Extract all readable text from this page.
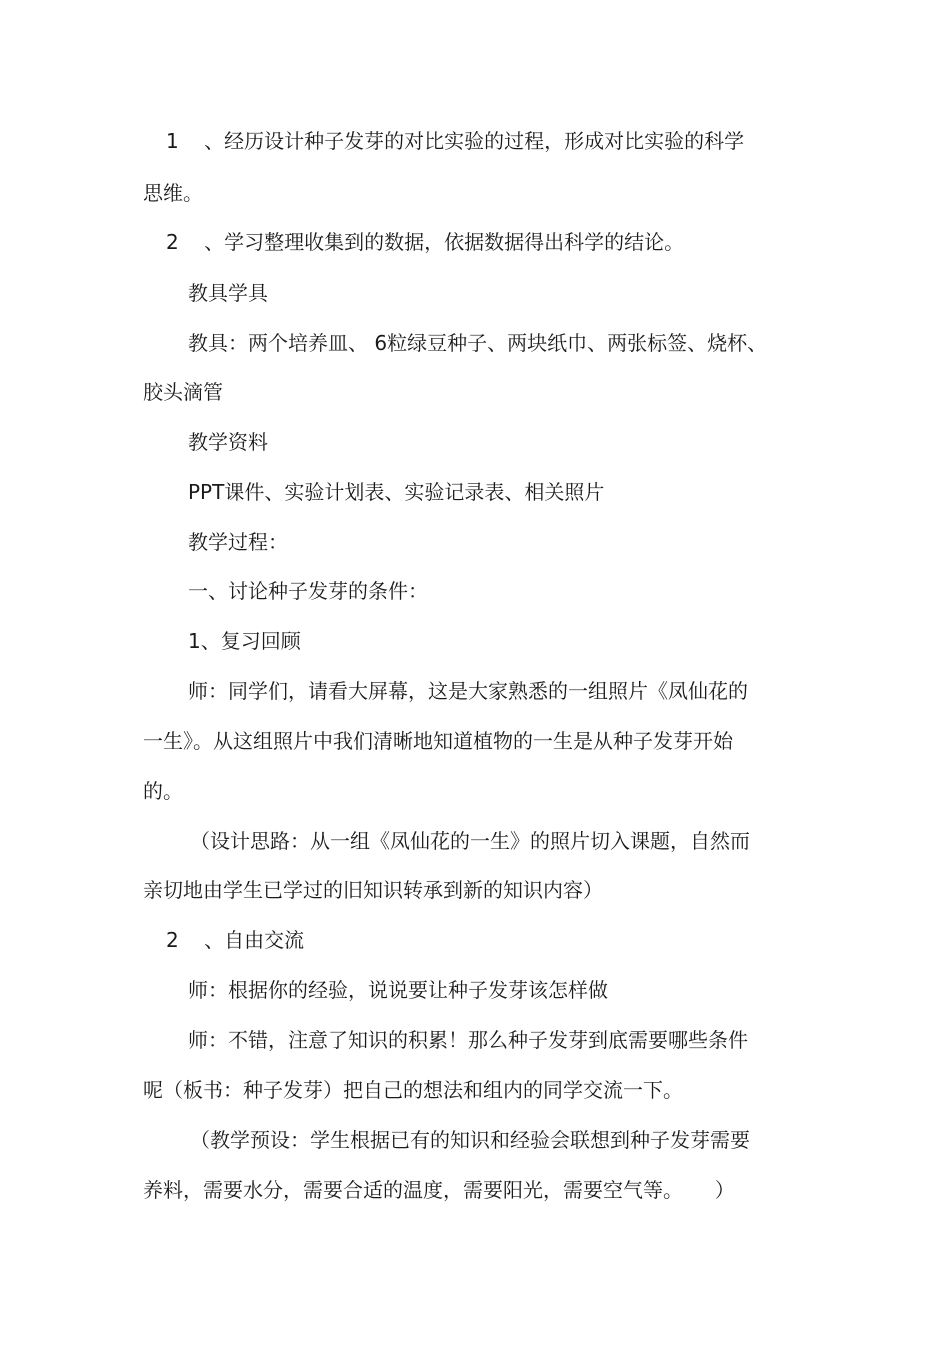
1    、经历设计种子发芽的对比实验的过程，形成对比实验的科学
思维。
2    、学习整理收集到的数据，依据数据得出科学的结论。
教具学具
教具：两个培养皿、 6粒绿豆种子、两块纸巾、两张标签、烧杯、
胶头滴管
教学资料
PPT课件、实验计划表、实验记录表、相关照片
教学过程：
一、讨论种子发芽的条件：
1、复习回顾
师：同学们，请看大屏幕，这是大家熟悉的一组照片《凤仙花的
一生》。从这组照片中我们清晰地知道植物的一生是从种子发芽开始
的。
（设计思路：从一组《凤仙花的一生》的照片切入课题，自然而
亲切地由学生已学过的旧知识转承到新的知识内容）
2    、自由交流
师：根据你的经验，说说要让种子发芽该怎样做
师：不错，注意了知识的积累！那么种子发芽到底需要哪些条件
呢（板书：种子发芽）把自己的想法和组内的同学交流一下。
（教学预设：学生根据已有的知识和经验会联想到种子发芽需要
养料，需要水分，需要合适的温度，需要阳光，需要空气等。     ）
